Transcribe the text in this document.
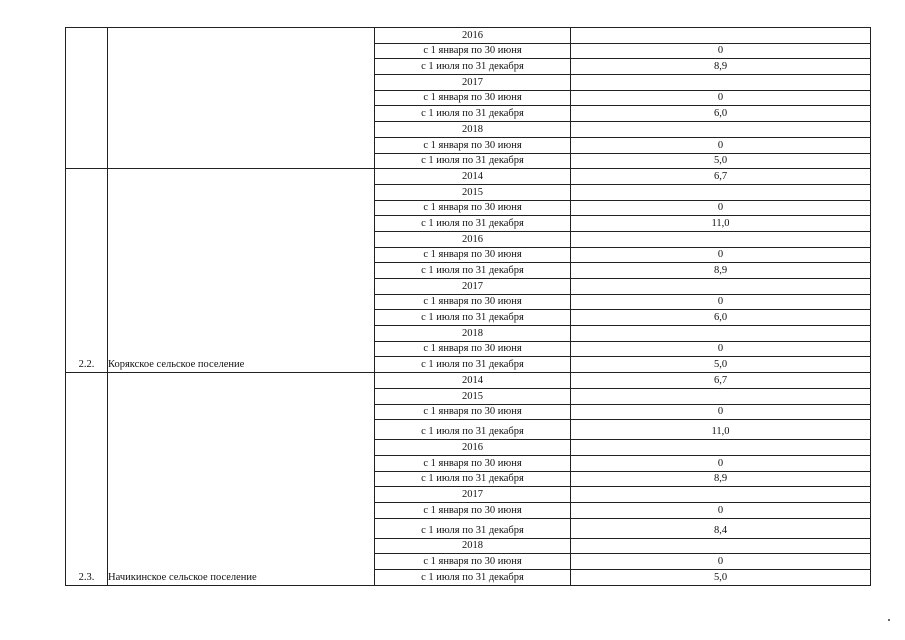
		2016	
		с 1 января по 30 июня	0
		с 1 июля по 31 декабря	8,9
		2017	
		с 1 января по 30 июня	0
		с 1 июля по 31 декабря	6,0
		2018	
		с 1 января по 30 июня	0
		с 1 июля по 31 декабря	5,0
2.2.	Корякское сельское поселение	2014	6,7
		2015	
		с 1 января по 30 июня	0
		с 1 июля по 31 декабря	11,0
		2016	
		с 1 января по 30 июня	0
		с 1 июля по 31 декабря	8,9
		2017	
		с 1 января по 30 июня	0
		с 1 июля по 31 декабря	6,0
		2018	
		с 1 января по 30 июня	0
		с 1 июля по 31 декабря	5,0
2.3.	Начикинское сельское поселение	2014	6,7
		2015	
		с 1 января по 30 июня	0
		с 1 июля по 31 декабря	11,0
		2016	
		с 1 января по 30 июня	0
		с 1 июля по 31 декабря	8,9
		2017	
		с 1 января по 30 июня	0
		с 1 июля по 31 декабря	8,4
		2018	
		с 1 января по 30 июня	0
		с 1 июля по 31 декабря	5,0
